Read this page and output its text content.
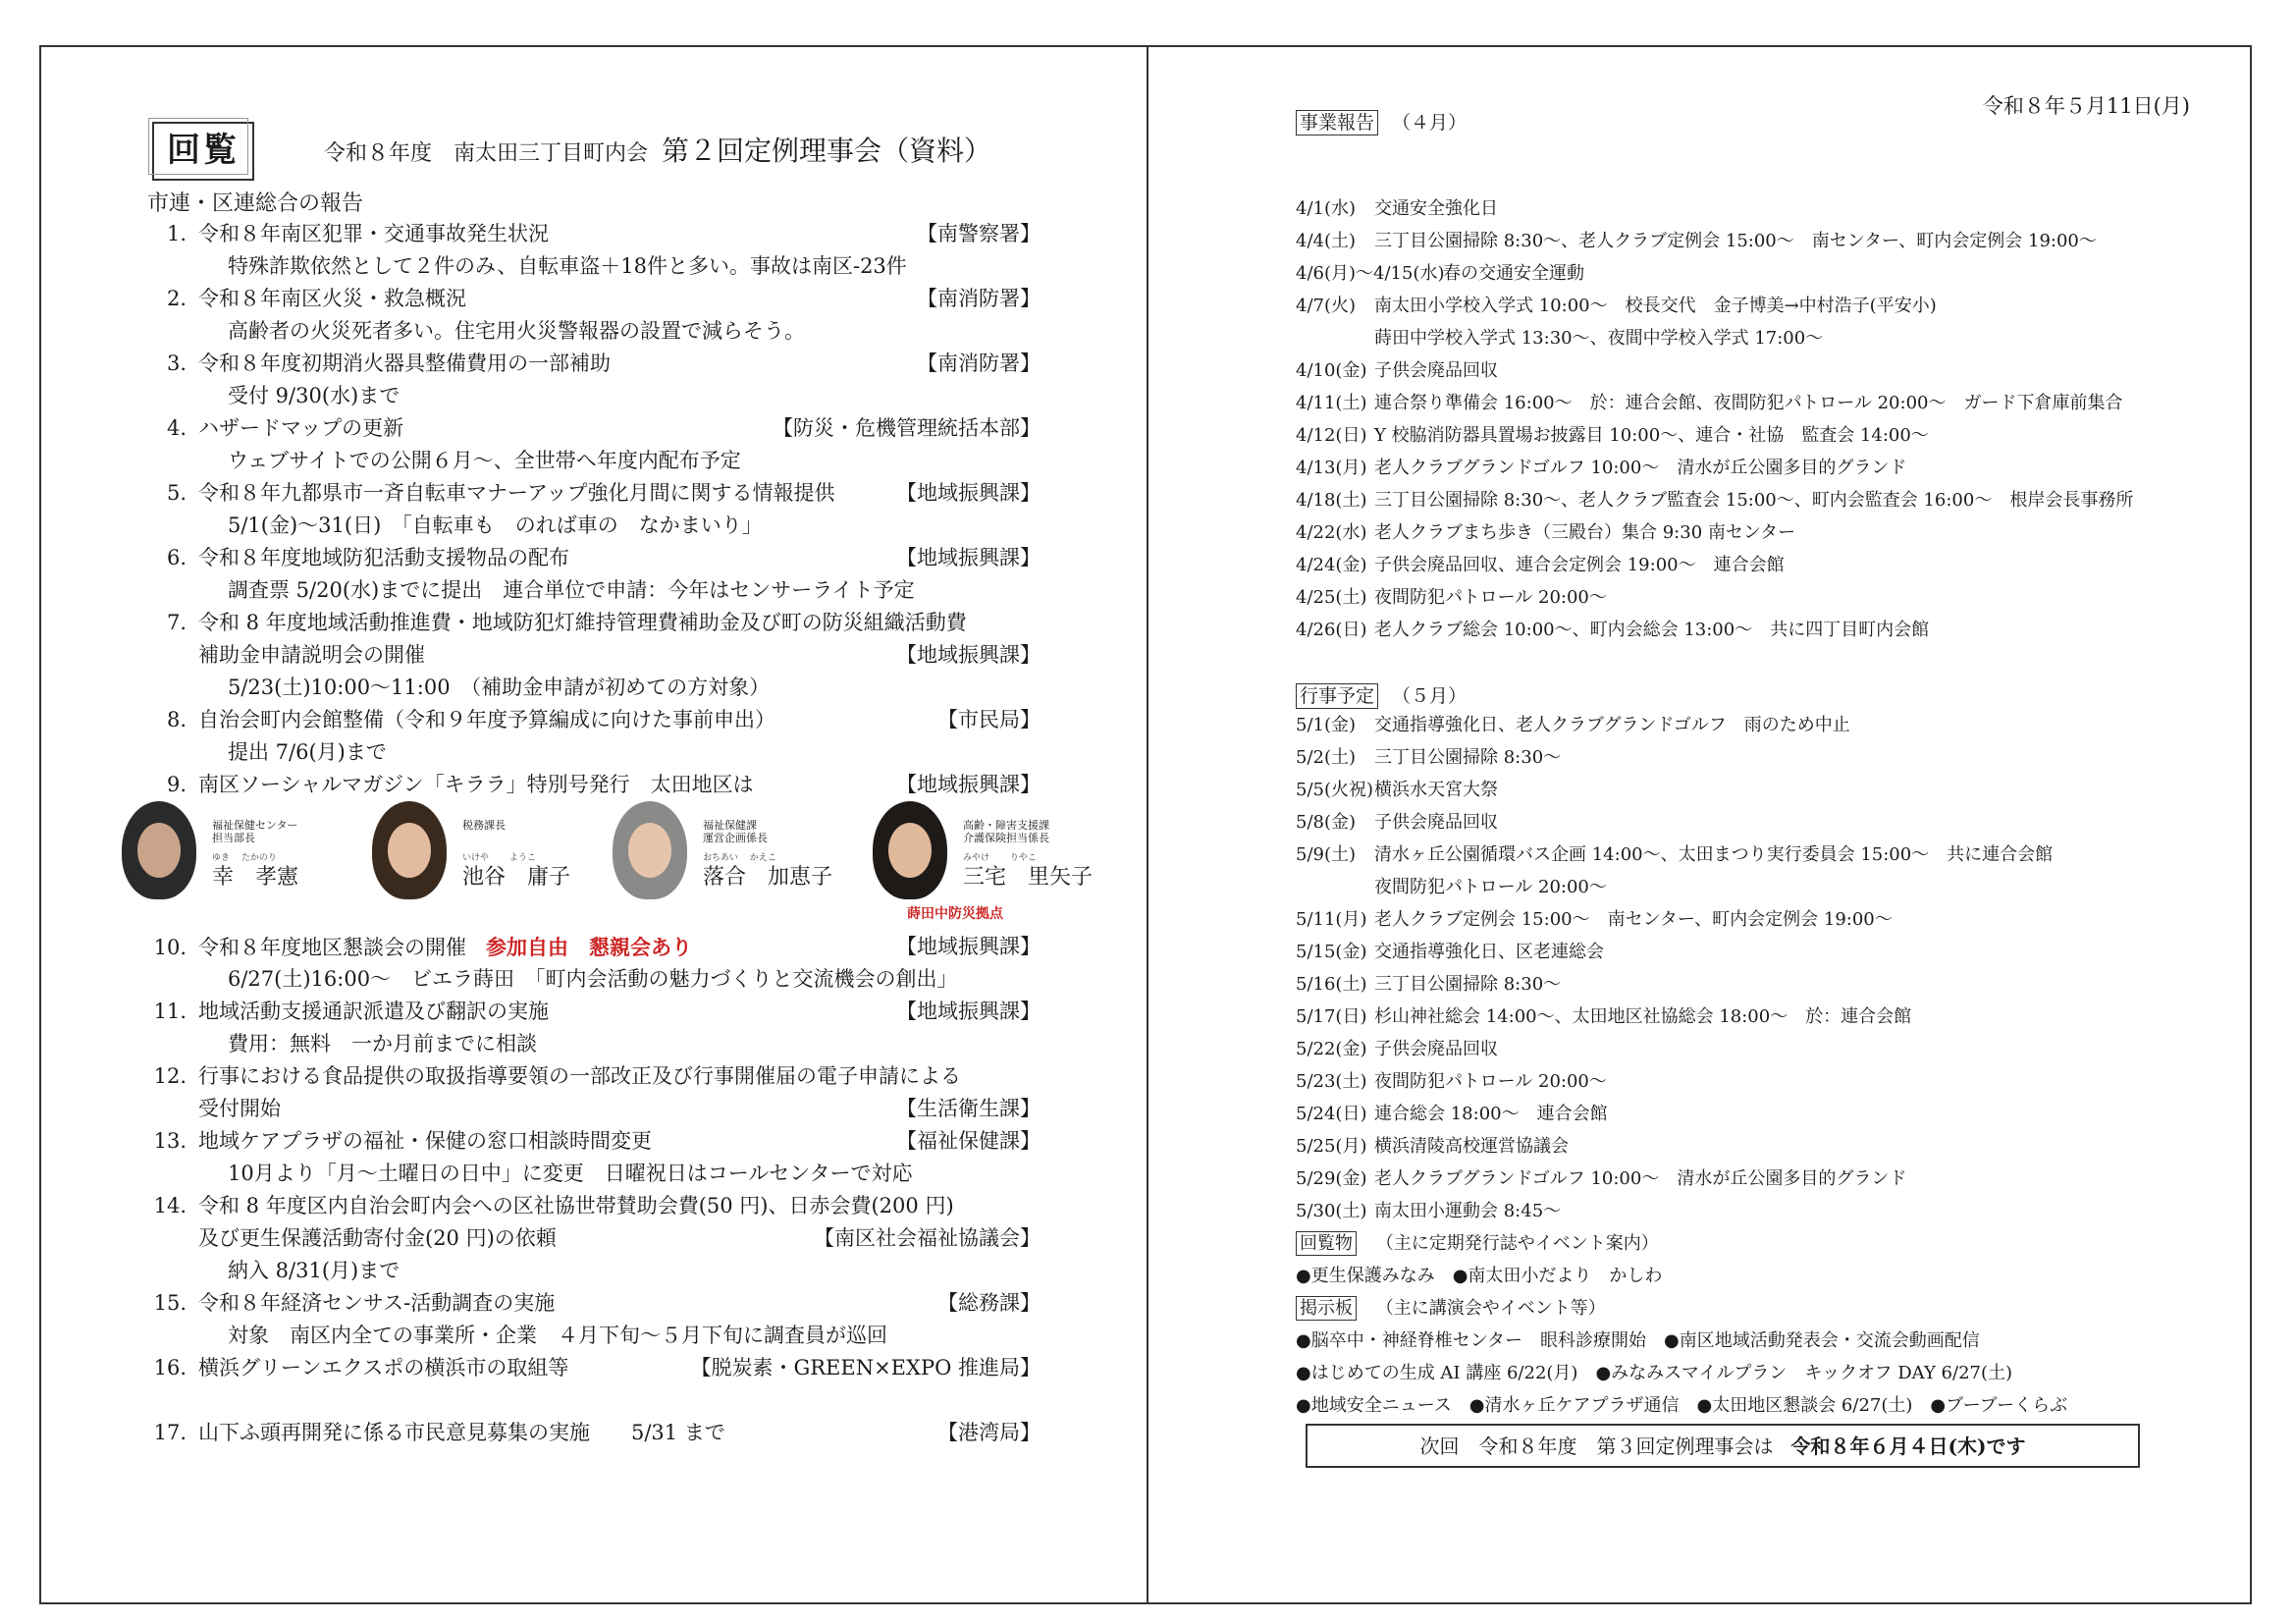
令和８年５月11日(月)
回覧	令和８年度　南太田三丁目町内会 第２回定例理事会（資料）
市連・区連総合の報告
1. 令和８年南区犯罪・交通事故発生状況	【南警察署】
特殊詐欺依然として２件のみ、自転車盗＋18件と多い。事故は南区-23件
2. 令和８年南区火災・救急概況	【南消防署】
高齢者の火災死者多い。住宅用火災警報器の設置で減らそう。
3. 令和８年度初期消火器具整備費用の一部補助	【南消防署】
受付 9/30(水)まで
4. ハザードマップの更新	【防災・危機管理統括本部】
ウェブサイトでの公開６月～、全世帯へ年度内配布予定
5. 令和８年九都県市一斉自転車マナーアップ強化月間に関する情報提供	【地域振興課】
5/1(金)～31(日)　「自転車も　のれば車の　なかまいり」
6. 令和８年度地域防犯活動支援物品の配布	【地域振興課】
調査票 5/20(水)までに提出　連合単位で申請：今年はセンサーライト予定
7. 令和 8 年度地域活動推進費・地域防犯灯維持管理費補助金及び町の防災組織活動費
補助金申請説明会の開催	【地域振興課】
5/23(土)10:00～11:00　（補助金申請が初めての方対象）
8. 自治会町内会館整備（令和９年度予算編成に向けた事前申出）	【市民局】
提出 7/6(月)まで
9. 南区ソーシャルマガジン「キララ」特別号発行　太田地区は	【地域振興課】
福祉保健センター
担当部長
ゆき　 たかのり
幸　孝憲
税務課長
いけや　　 ようこ
池谷　庸子
福祉保健課
運営企画係長
おちあい　 かえこ
落合　加恵子
高齢・障害支援課
介護保険担当係長
みやけ　　 りやこ
三宅　里矢子
蒔田中防災拠点
10. 令和８年度地区懇談会の開催 参加自由　懇親会あり	【地域振興課】
6/27(土)16:00～　ビエラ蒔田　「町内会活動の魅力づくりと交流機会の創出」
11. 地域活動支援通訳派遣及び翻訳の実施	【地域振興課】
費用：無料　一か月前までに相談
12. 行事における食品提供の取扱指導要領の一部改正及び行事開催届の電子申請による
受付開始	【生活衛生課】
13. 地域ケアプラザの福祉・保健の窓口相談時間変更	【福祉保健課】
10月より「月～土曜日の日中」に変更　日曜祝日はコールセンターで対応
14. 令和 8 年度区内自治会町内会への区社協世帯賛助会費(50 円)、日赤会費(200 円)
及び更生保護活動寄付金(20 円)の依頼	【南区社会福祉協議会】
納入 8/31(月)まで
15. 令和８年経済センサス-活動調査の実施	【総務課】
対象　南区内全ての事業所・企業　４月下旬～５月下旬に調査員が巡回
16. 横浜グリーンエクスポの横浜市の取組等	【脱炭素・GREEN×EXPO 推進局】
17. 山下ふ頭再開発に係る市民意見募集の実施　　5/31 まで	【港湾局】
事業報告 （４月）
4/1(水) 交通安全強化日
4/4(土) 三丁目公園掃除 8:30～、老人クラブ定例会 15:00～　南センター、町内会定例会 19:00～
4/6(月)～4/15(水)
春の交通安全運動
4/7(火) 南太田小学校入学式 10:00～　校長交代　金子博美→中村浩子(平安小)
蒔田中学校入学式 13:30～、夜間中学校入学式 17:00～
4/10(金) 子供会廃品回収
4/11(土) 連合祭り準備会 16:00～　於：連合会館、夜間防犯パトロール 20:00～　ガード下倉庫前集合
4/12(日) Y 校脇消防器具置場お披露目 10:00～、連合・社協　監査会 14:00～
4/13(月) 老人クラブグランドゴルフ 10:00～　清水が丘公園多目的グランド
4/18(土) 三丁目公園掃除 8:30～、老人クラブ監査会 15:00～、町内会監査会 16:00～　根岸会長事務所
4/22(水) 老人クラブまち歩き（三殿台）集合 9:30 南センター
4/24(金) 子供会廃品回収、連合会定例会 19:00～　連合会館
4/25(土) 夜間防犯パトロール 20:00～
4/26(日) 老人クラブ総会 10:00～、町内会総会 13:00～　共に四丁目町内会館
行事予定 （５月）
5/1(金) 交通指導強化日、老人クラブグランドゴルフ　雨のため中止
5/2(土) 三丁目公園掃除 8:30～
5/5(火祝) 横浜水天宮大祭
5/8(金) 子供会廃品回収
5/9(土) 清水ヶ丘公園循環バス企画 14:00～、太田まつり実行委員会 15:00～　共に連合会館
夜間防犯パトロール 20:00～
5/11(月) 老人クラブ定例会 15:00～　南センター、町内会定例会 19:00～
5/15(金) 交通指導強化日、区老連総会
5/16(土) 三丁目公園掃除 8:30～
5/17(日) 杉山神社総会 14:00～、太田地区社協総会 18:00～　於：連合会館
5/22(金) 子供会廃品回収
5/23(土) 夜間防犯パトロール 20:00～
5/24(日) 連合総会 18:00～　連合会館
5/25(月) 横浜清陵高校運営協議会
5/29(金) 老人クラブグランドゴルフ 10:00～　清水が丘公園多目的グランド
5/30(土) 南太田小運動会 8:45～
回覧物 （主に定期発行誌やイベント案内）
●更生保護みなみ　●南太田小だより　かしわ
掲示板 （主に講演会やイベント等）
●脳卒中・神経脊椎センター　眼科診療開始　●南区地域活動発表会・交流会動画配信
●はじめての生成 AI 講座 6/22(月)　●みなみスマイルプラン　キックオフ DAY 6/27(土)
●地域安全ニュース　●清水ヶ丘ケアプラザ通信　●太田地区懇談会 6/27(土)　●ブーブーくらぶ
次回　令和８年度　第３回定例理事会は 令和８年６月４日(木)です
